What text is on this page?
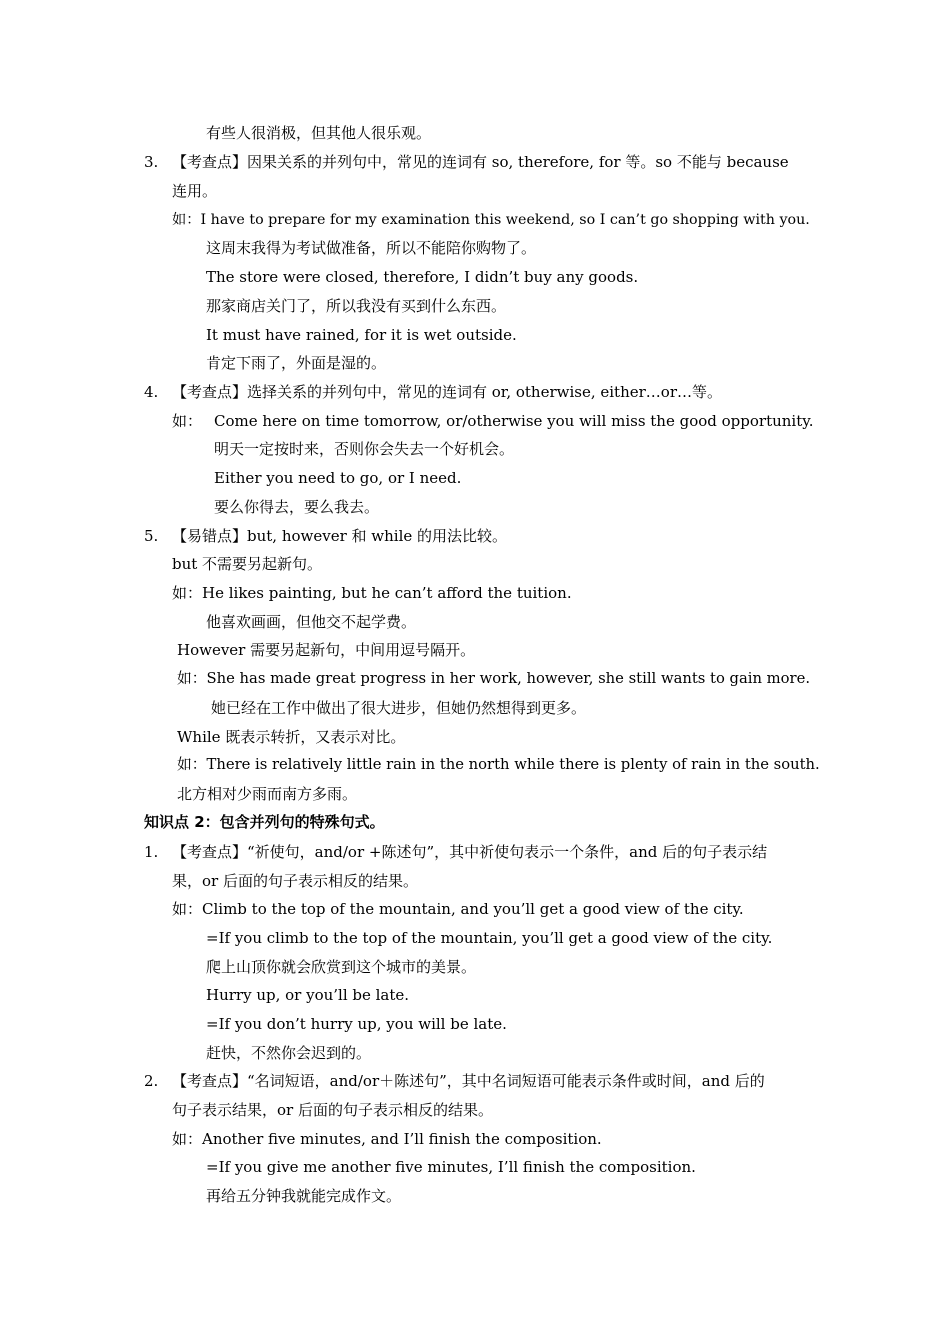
有些人很消极，但其他人很乐观。
3. 【考查点】因果关系的并列句中，常见的连词有 so, therefore, for 等。so 不能与 because
连用。
如：I have to prepare for my examination this weekend, so I can’t go shopping with you.
这周末我得为考试做准备，所以不能陪你购物了。
The store were closed, therefore, I didn’t buy any goods.
那家商店关门了，所以我没有买到什么东西。
It must have rained, for it is wet outside.
肯定下雨了，外面是湿的。
4. 【考查点】选择关系的并列句中，常见的连词有 or, otherwise, either…or…等。
如： Come here on time tomorrow, or/otherwise you will miss the good opportunity.
明天一定按时来，否则你会失去一个好机会。
Either you need to go, or I need.
要么你得去，要么我去。
5. 【易错点】but, however 和 while 的用法比较。
but 不需要另起新句。
如：He likes painting, but he can’t afford the tuition.
他喜欢画画，但他交不起学费。
However 需要另起新句，中间用逗号隔开。
如：She has made great progress in her work, however, she still wants to gain more.
她已经在工作中做出了很大进步，但她仍然想得到更多。
While 既表示转折，又表示对比。
如：There is relatively little rain in the north while there is plenty of rain in the south.
北方相对少雨而南方多雨。
知识点 2：包含并列句的特殊句式。
1. 【考查点】“祈使句，and/or +陈述句”，其中祈使句表示一个条件，and 后的句子表示结
果，or 后面的句子表示相反的结果。
如：Climb to the top of the mountain, and you’ll get a good view of the city.
=If you climb to the top of the mountain, you’ll get a good view of the city.
爬上山顶你就会欣赏到这个城市的美景。
Hurry up, or you’ll be late.
=If you don’t hurry up, you will be late.
赶快，不然你会迟到的。
2. 【考查点】“名词短语，and/or＋陈述句”，其中名词短语可能表示条件或时间，and 后的
句子表示结果，or 后面的句子表示相反的结果。
如：Another five minutes, and I’ll finish the composition.
=If you give me another five minutes, I’ll finish the composition.
再给五分钟我就能完成作文。
